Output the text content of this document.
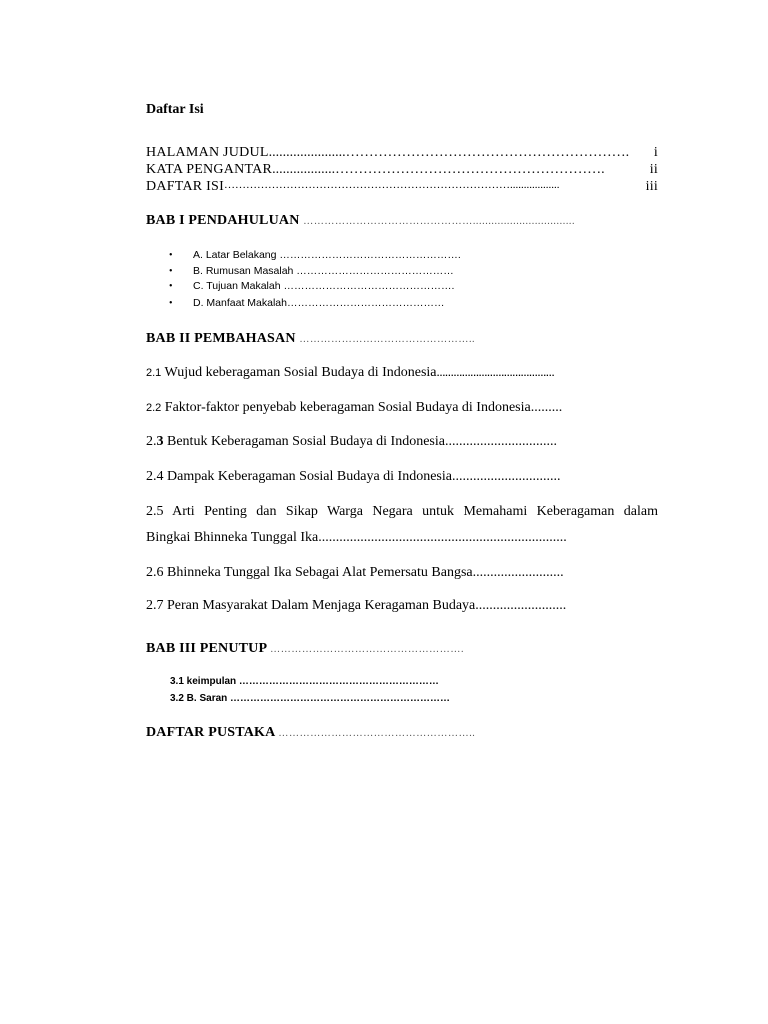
Daftar Isi
HALAMAN JUDUL......................……………………………………………………. i
KATA PENGANTAR..................………………………………………………….	ii
DAFTAR ISI……………………………………………………………………..................	iii
BAB I PENDAHULUAN ………………………………………….................................
• A. Latar Belakang …………………………………………….
• B. Rumusan Masalah ………………………………………
• C. Tujuan Makalah ………………………………………….
• D. Manfaat Makalah………………………………………
BAB II PEMBAHASAN …………………………………………..
2.1 Wujud keberagaman Sosial Budaya di Indonesia……………………………………
2.2 Faktor-faktor penyebab keberagaman Sosial Budaya di Indonesia.........
2.3 Bentuk Keberagaman Sosial Budaya di Indonesia................................
2.4 Dampak Keberagaman Sosial Budaya di Indonesia...............................
2.5 Arti Penting dan Sikap Warga Negara untuk Memahami Keberagaman dalam
Bingkai Bhinneka Tunggal Ika.......................................................................
2.6 Bhinneka Tunggal Ika Sebagai Alat Pemersatu Bangsa..........................
2.7 Peran Masyarakat Dalam Menjaga Keragaman Budaya..........................
BAB III PENUTUP ……………………………………………….
3.1 keimpulan ……………………………………………………
3.2 B. Saran …………………………………………………………
DAFTAR PUSTAKA ………………………………………………..
